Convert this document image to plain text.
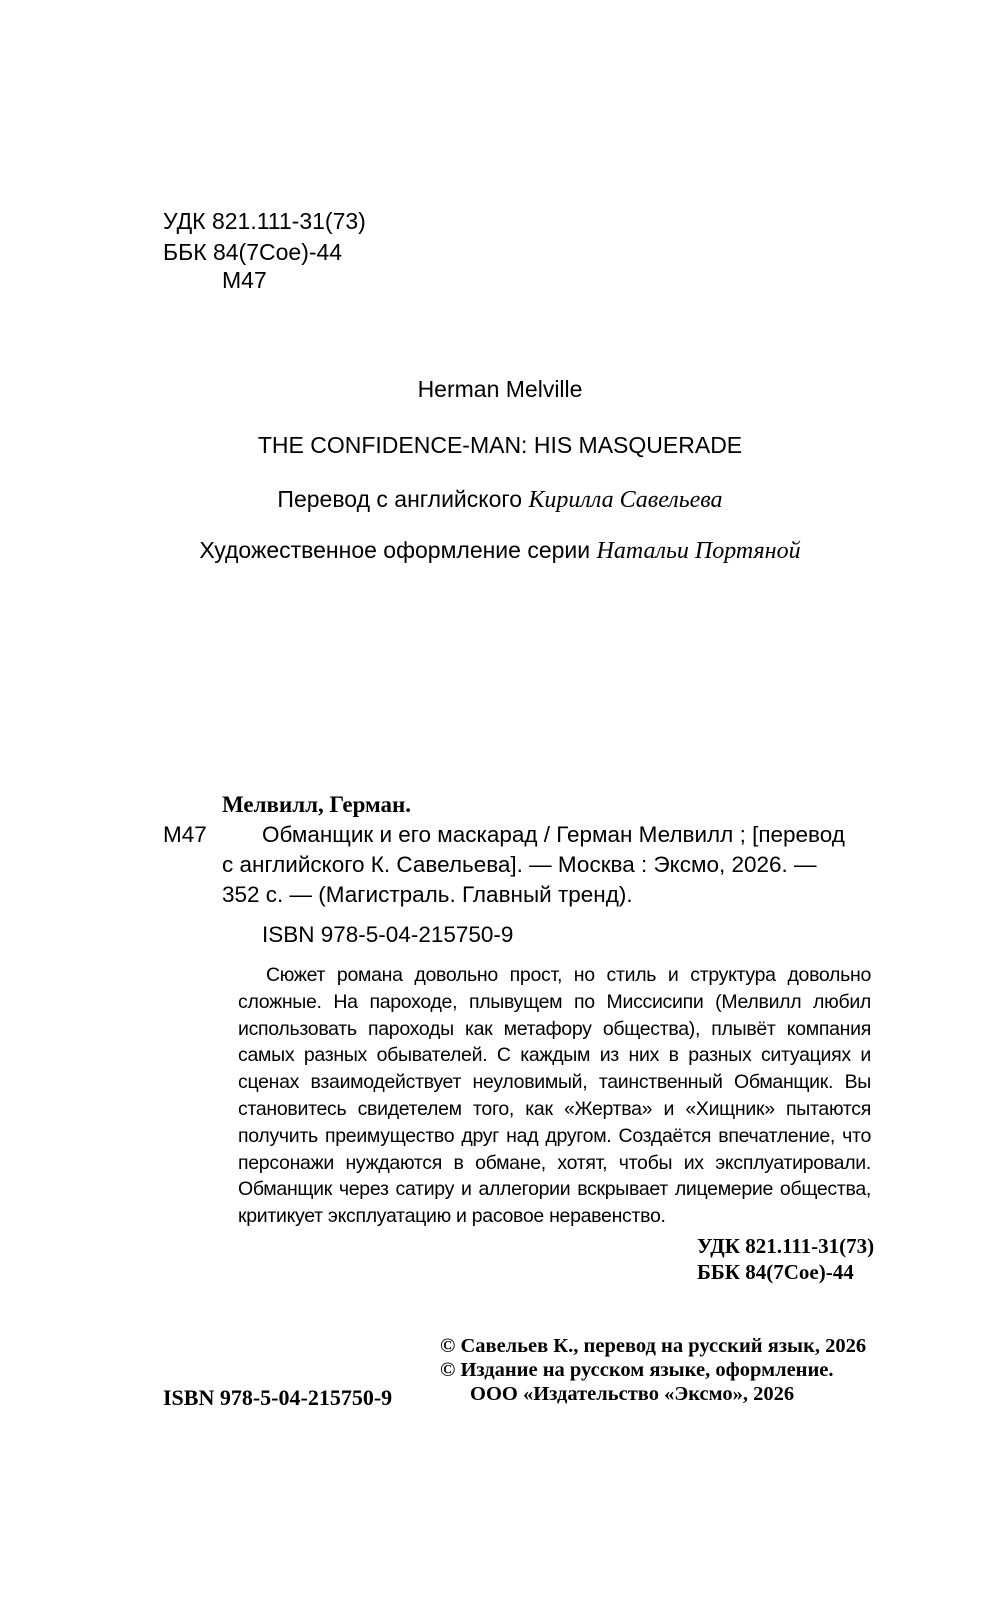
УДК 821.111-31(73)
ББК 84(7Сое)-44
М47
Herman Melville
THE CONFIDENCE-MAN: HIS MASQUERADE
Перевод с английского Кирилла Савельева
Художественное оформление серии Натальи Портяной
Мелвилл, Герман.
М47 Обманщик и его маскарад / Герман Мелвилл ; [перевод
с английского К. Савельева]. — Москва : Эксмо, 2026. —
352 с. — (Магистраль. Главный тренд).
ISBN 978-5-04-215750-9
Сюжет романа довольно прост, но стиль и структура довольно сложные. На пароходе, плывущем по Миссисипи (Мелвилл любил использовать пароходы как метафору общества), плывёт компания самых разных обывателей. С каждым из них в разных ситуациях и сценах взаимодействует неуловимый, таинственный Обманщик. Вы становитесь свидетелем того, как «Жертва» и «Хищник» пытаются получить преимущество друг над другом. Создаётся впечатление, что персонажи нуждаются в обмане, хотят, чтобы их эксплуатировали. Обманщик через сатиру и аллегории вскрывает лицемерие общества, критикует эксплуатацию и расовое неравенство.
УДК 821.111-31(73)
ББК 84(7Сое)-44
ISBN 978-5-04-215750-9
© Савельев К., перевод на русский язык, 2026
© Издание на русском языке, оформление.
ООО «Издательство «Эксмо», 2026
